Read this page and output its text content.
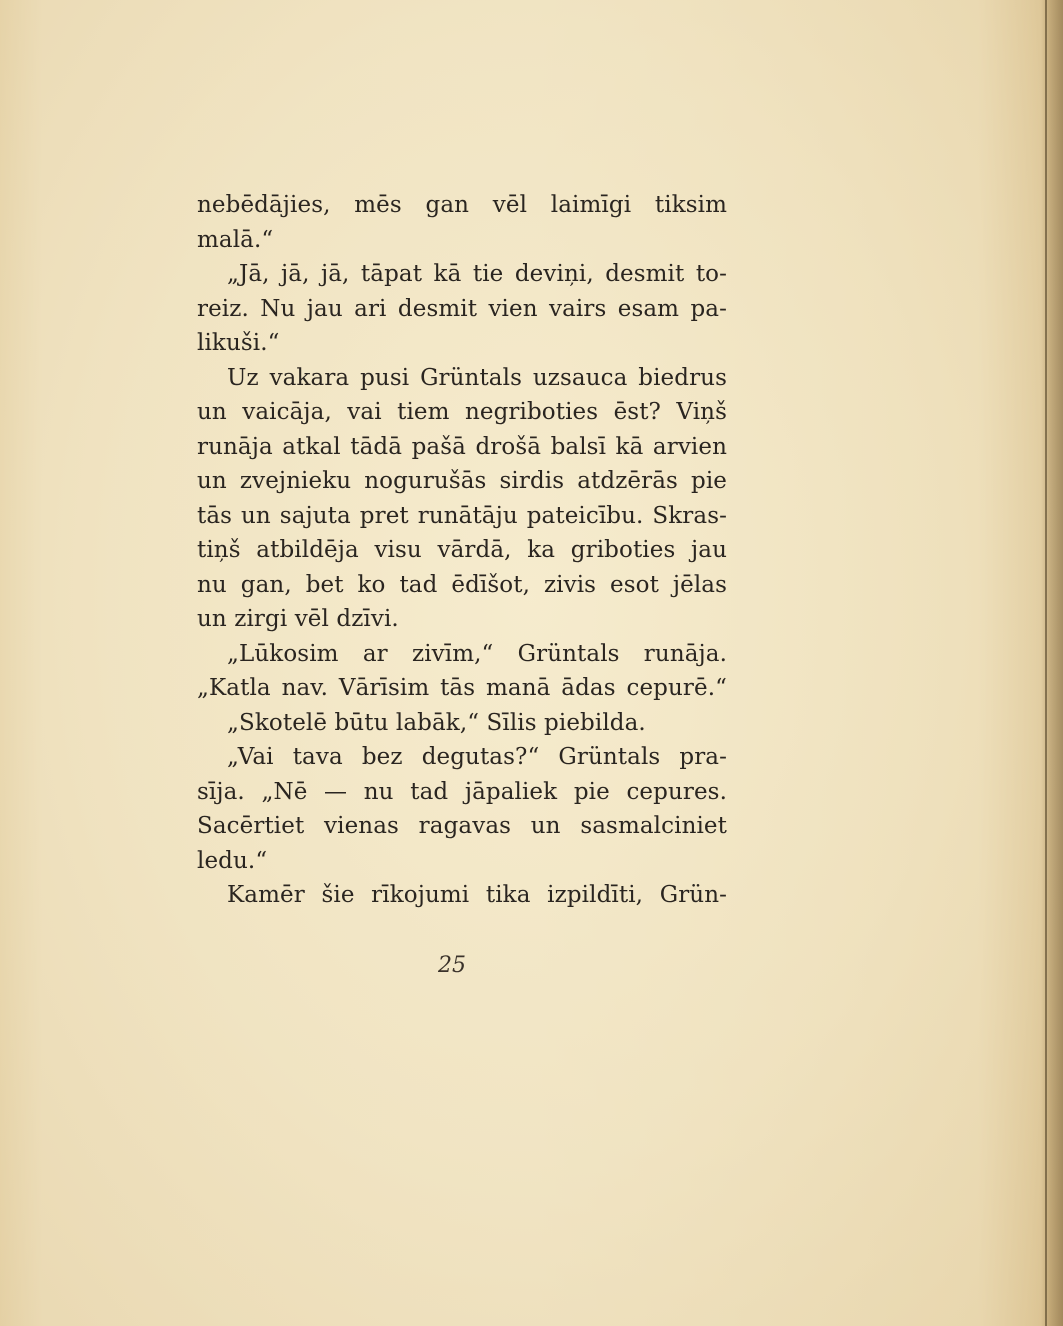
nebēdājies, mēs gan vēl laimīgi tiksim
malā.“
„Jā, jā, jā, tāpat kā tie deviņi, desmit to-
reiz. Nu jau ari desmit vien vairs esam pa-
likuši.“
Uz vakara pusi Grüntals uzsauca biedrus
un vaicāja, vai tiem negriboties ēst? Viņš
runāja atkal tādā pašā drošā balsī kā arvien
un zvejnieku nogurušās sirdis atdzērās pie
tās un sajuta pret runātāju pateicību. Skras-
tiņš atbildēja visu vārdā, ka griboties jau
nu gan, bet ko tad ēdīšot, zivis esot jēlas
un zirgi vēl dzīvi.
„Lūkosim ar zivīm,“ Grüntals runāja.
„Katla nav. Vārīsim tās manā ādas cepurē.“
„Skotelē būtu labāk,“ Sīlis piebilda.
„Vai tava bez degutas?“ Grüntals pra-
sīja. „Nē — nu tad jāpaliek pie cepures.
Sacērtiet vienas ragavas un sasmalciniet
ledu.“
Kamēr šie rīkojumi tika izpildīti, Grün-
25
